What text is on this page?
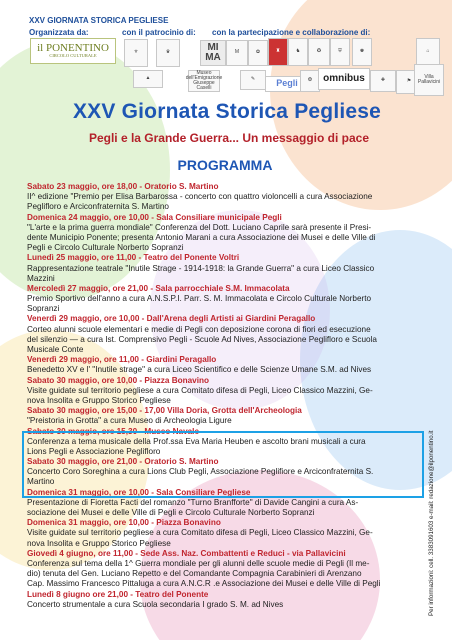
XXV GIORNATA STORICA PEGLIESE
Organizzata da:	con il patrocinio di: con la partecipazione e collaborazione di:
il PONENTINO
CIRCOLO CULTURALE
⚜	♛	MI MA	M	✿	♜	♞	✪	⛨	♚	⌂
▲
Museo dell'Emigrazione Giuseppe Caselli
✎	Pegli	❂	omnibus	✚	⚑
Villa Pallavicini
XXV Giornata Storica Pegliese
Pegli e la Grande Guerra... Un messaggio di pace
PROGRAMMA
Sabato 23 maggio, ore 18,00 - Oratorio S. Martino
II^ edizione "Premio per Elisa Barbarossa - concerto con quattro violoncelli a cura Associazione
Peglifloro e Arciconfraternita S. Martino
Domenica 24 maggio, ore 10,00 - Sala Consiliare municipale Pegli
"L'arte e la prima guerra mondiale" Conferenza del Dott. Luciano Caprile sarà presente il Presi-
dente Municipio Ponente; presenta Antonio Marani a cura Associazione dei Musei e delle Ville di
Pegli e Circolo Culturale Norberto Sopranzi
Lunedì 25 maggio, ore 11,00 - Teatro del Ponente Voltri
Rappresentazione teatrale "Inutile Strage - 1914-1918: la Grande Guerra" a cura Liceo Classico
Mazzini
Mercoledì 27 maggio, ore 21,00 - Sala parrocchiale S.M. Immacolata
Premio Sportivo dell'anno a cura A.N.S.P.I. Parr. S. M. Immacolata e Circolo Culturale Norberto
Sopranzi
Venerdì 29 maggio, ore 10,00 - Dall'Arena degli Artisti ai Giardini Peragallo
Corteo alunni scuole elementari e medie di Pegli con deposizione corona di fiori ed esecuzione
del silenzio — a cura Ist. Comprensivo Pegli - Scuole Ad Nives, Associazione Peglifloro e Scuola
Musicale Conte
Venerdì 29 maggio, ore 11,00 - Giardini Peragallo
Benedetto XV e l' "Inutile strage" a cura Liceo Scientifico e delle Scienze Umane S.M. ad Nives
Sabato 30 maggio, ore 10,00 - Piazza Bonavino
Visite guidate sul territorio pegliese a cura Comitato difesa di Pegli, Liceo Classico Mazzini, Ge-
nova Insolita e Gruppo Storico Pegliese
Sabato 30 maggio, ore 15,00 - 17,00 Villa Doria, Grotta dell'Archeologia
"Preistoria in Grotta" a cura Museo di Archeologia Ligure
Sabato 30 maggio, ore 15,30 - Museo Navale
Conferenza a tema musicale della Prof.ssa Eva Maria Heuben e ascolto brani musicali a cura
Lions Pegli e Associazione Peglifloro
Sabato 30 maggio, ore 21,00 - Oratorio S. Martino
Concerto Coro Soreghina a cura Lions Club Pegli, Associazione Peglifiore e Arciconfraternita S.
Martino
Domenica 31 maggio, ore 10,00 - Sala Consiliare Pegliese
Presentazione di Fioretta Facti del romanzo "Turno Branfforte" di Davide Cangini a cura As-
sociazione dei Musei e delle Ville di Pegli e Circolo Culturale Norberto Sopranzi
Domenica 31 maggio, ore 10,00 - Piazza Bonavino
Visite guidate sul territorio pegliese a cura Comitato difesa di Pegli, Liceo Classico Mazzini, Ge-
nova Insolita e Gruppo Storico Pegliese
Giovedì 4 giugno, ore 11,00 - Sede Ass. Naz. Combattenti e Reduci - via Pallavicini
Conferenza sul tema della 1^ Guerra mondiale per gli alunni delle scuole medie di Pegli (Il me-
dio) tenuta del Gen. Luciano Repetto e del Comandante Compagnia Carabinieri di Arenzano
Cap. Massimo Francesco Pittaluga a cura A.N.C.R .e Associazione dei Musei e delle Ville di Pegli
Lunedì 8 giugno ore 21,00 - Teatro del Ponente
Concerto strumentale a cura Scuola secondaria I grado S. M. ad Nives	Per informazioni: cell. 3383091603 e-mail: redazione@ilponentino.it
